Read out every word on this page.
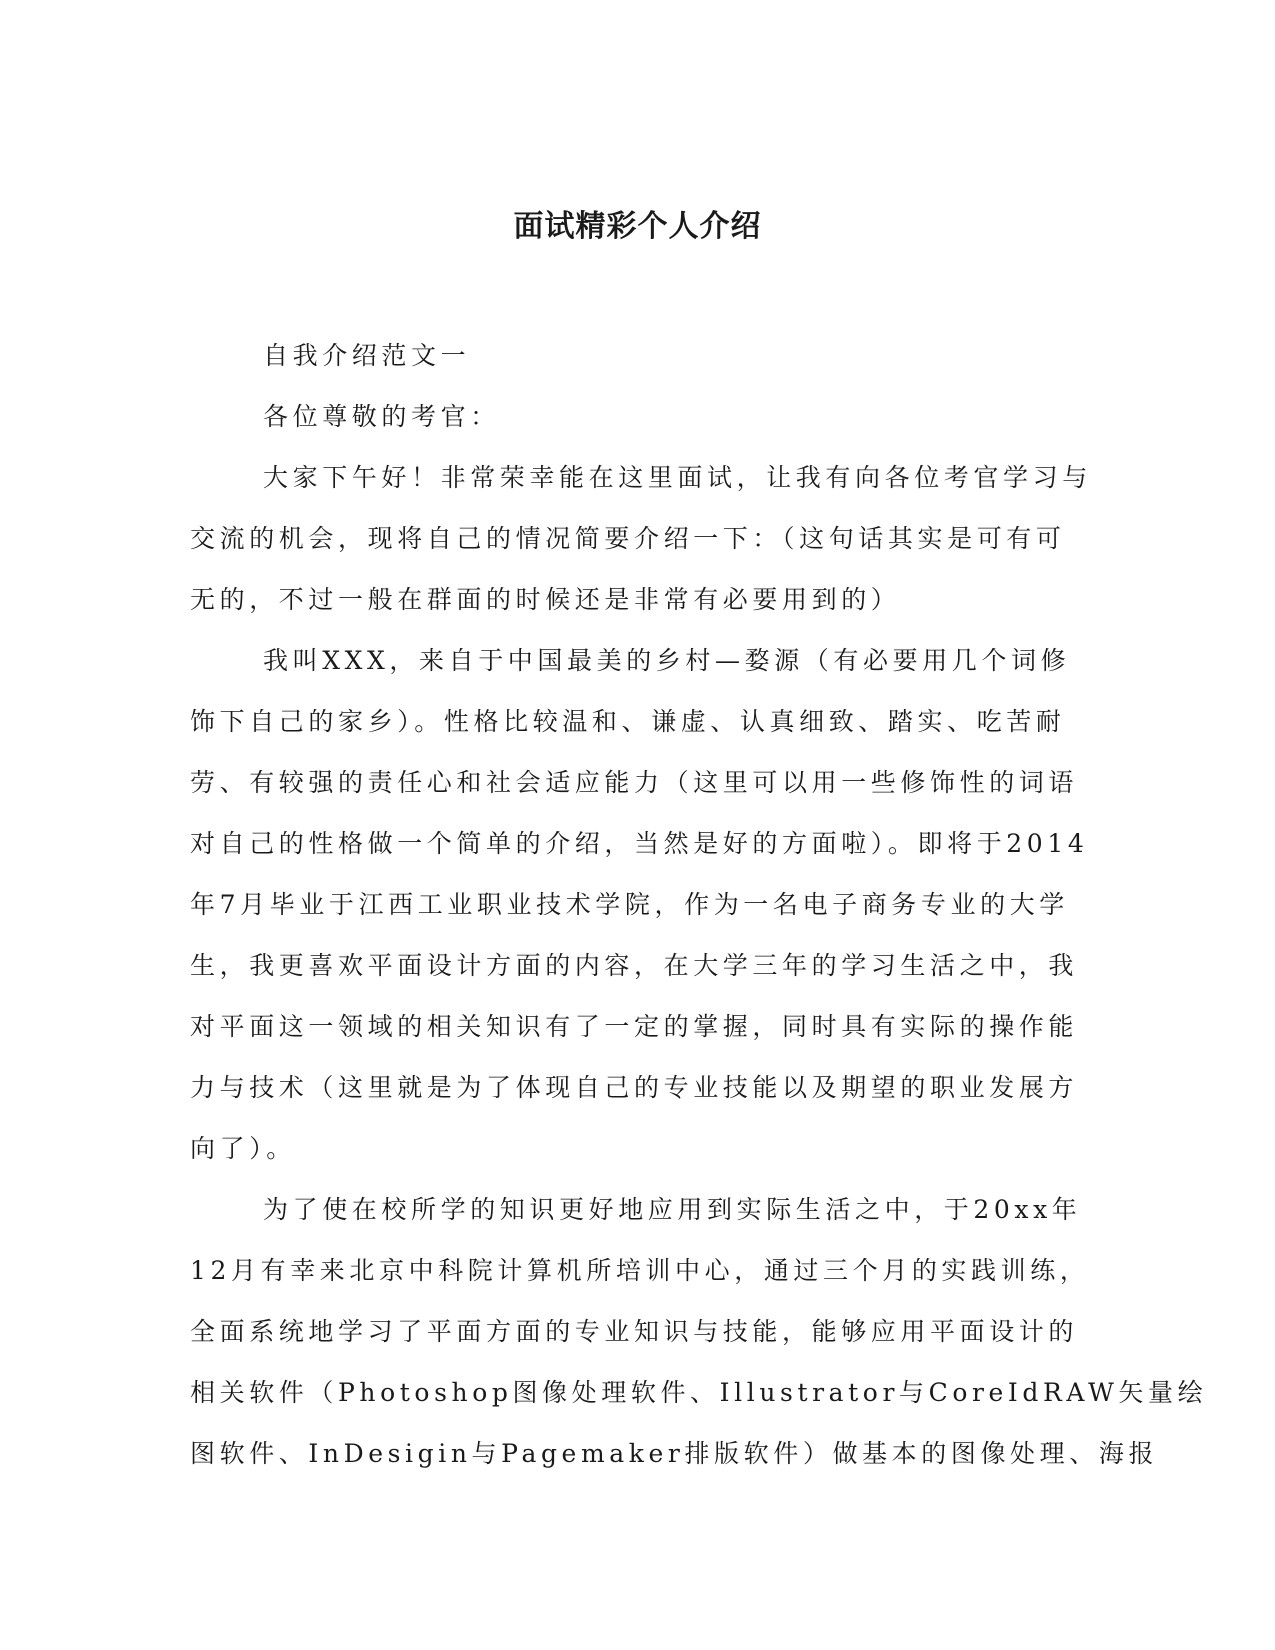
面试精彩个人介绍
自我介绍范文一
各位尊敬的考官：
大家下午好！非常荣幸能在这里面试，让我有向各位考官学习与
交流的机会，现将自己的情况简要介绍一下：（这句话其实是可有可
无的，不过一般在群面的时候还是非常有必要用到的）
我叫XXX，来自于中国最美的乡村—婺源（有必要用几个词修
饰下自己的家乡）。性格比较温和、谦虚、认真细致、踏实、吃苦耐
劳、有较强的责任心和社会适应能力（这里可以用一些修饰性的词语
对自己的性格做一个简单的介绍，当然是好的方面啦）。即将于2014
年7月毕业于江西工业职业技术学院，作为一名电子商务专业的大学
生，我更喜欢平面设计方面的内容，在大学三年的学习生活之中，我
对平面这一领域的相关知识有了一定的掌握，同时具有实际的操作能
力与技术（这里就是为了体现自己的专业技能以及期望的职业发展方
向了）。
为了使在校所学的知识更好地应用到实际生活之中，于20xx年
12月有幸来北京中科院计算机所培训中心，通过三个月的实践训练，
全面系统地学习了平面方面的专业知识与技能，能够应用平面设计的
相关软件（Photoshop图像处理软件、Illustrator与CoreIdRAW矢量绘
图软件、InDesigin与Pagemaker排版软件）做基本的图像处理、海报
